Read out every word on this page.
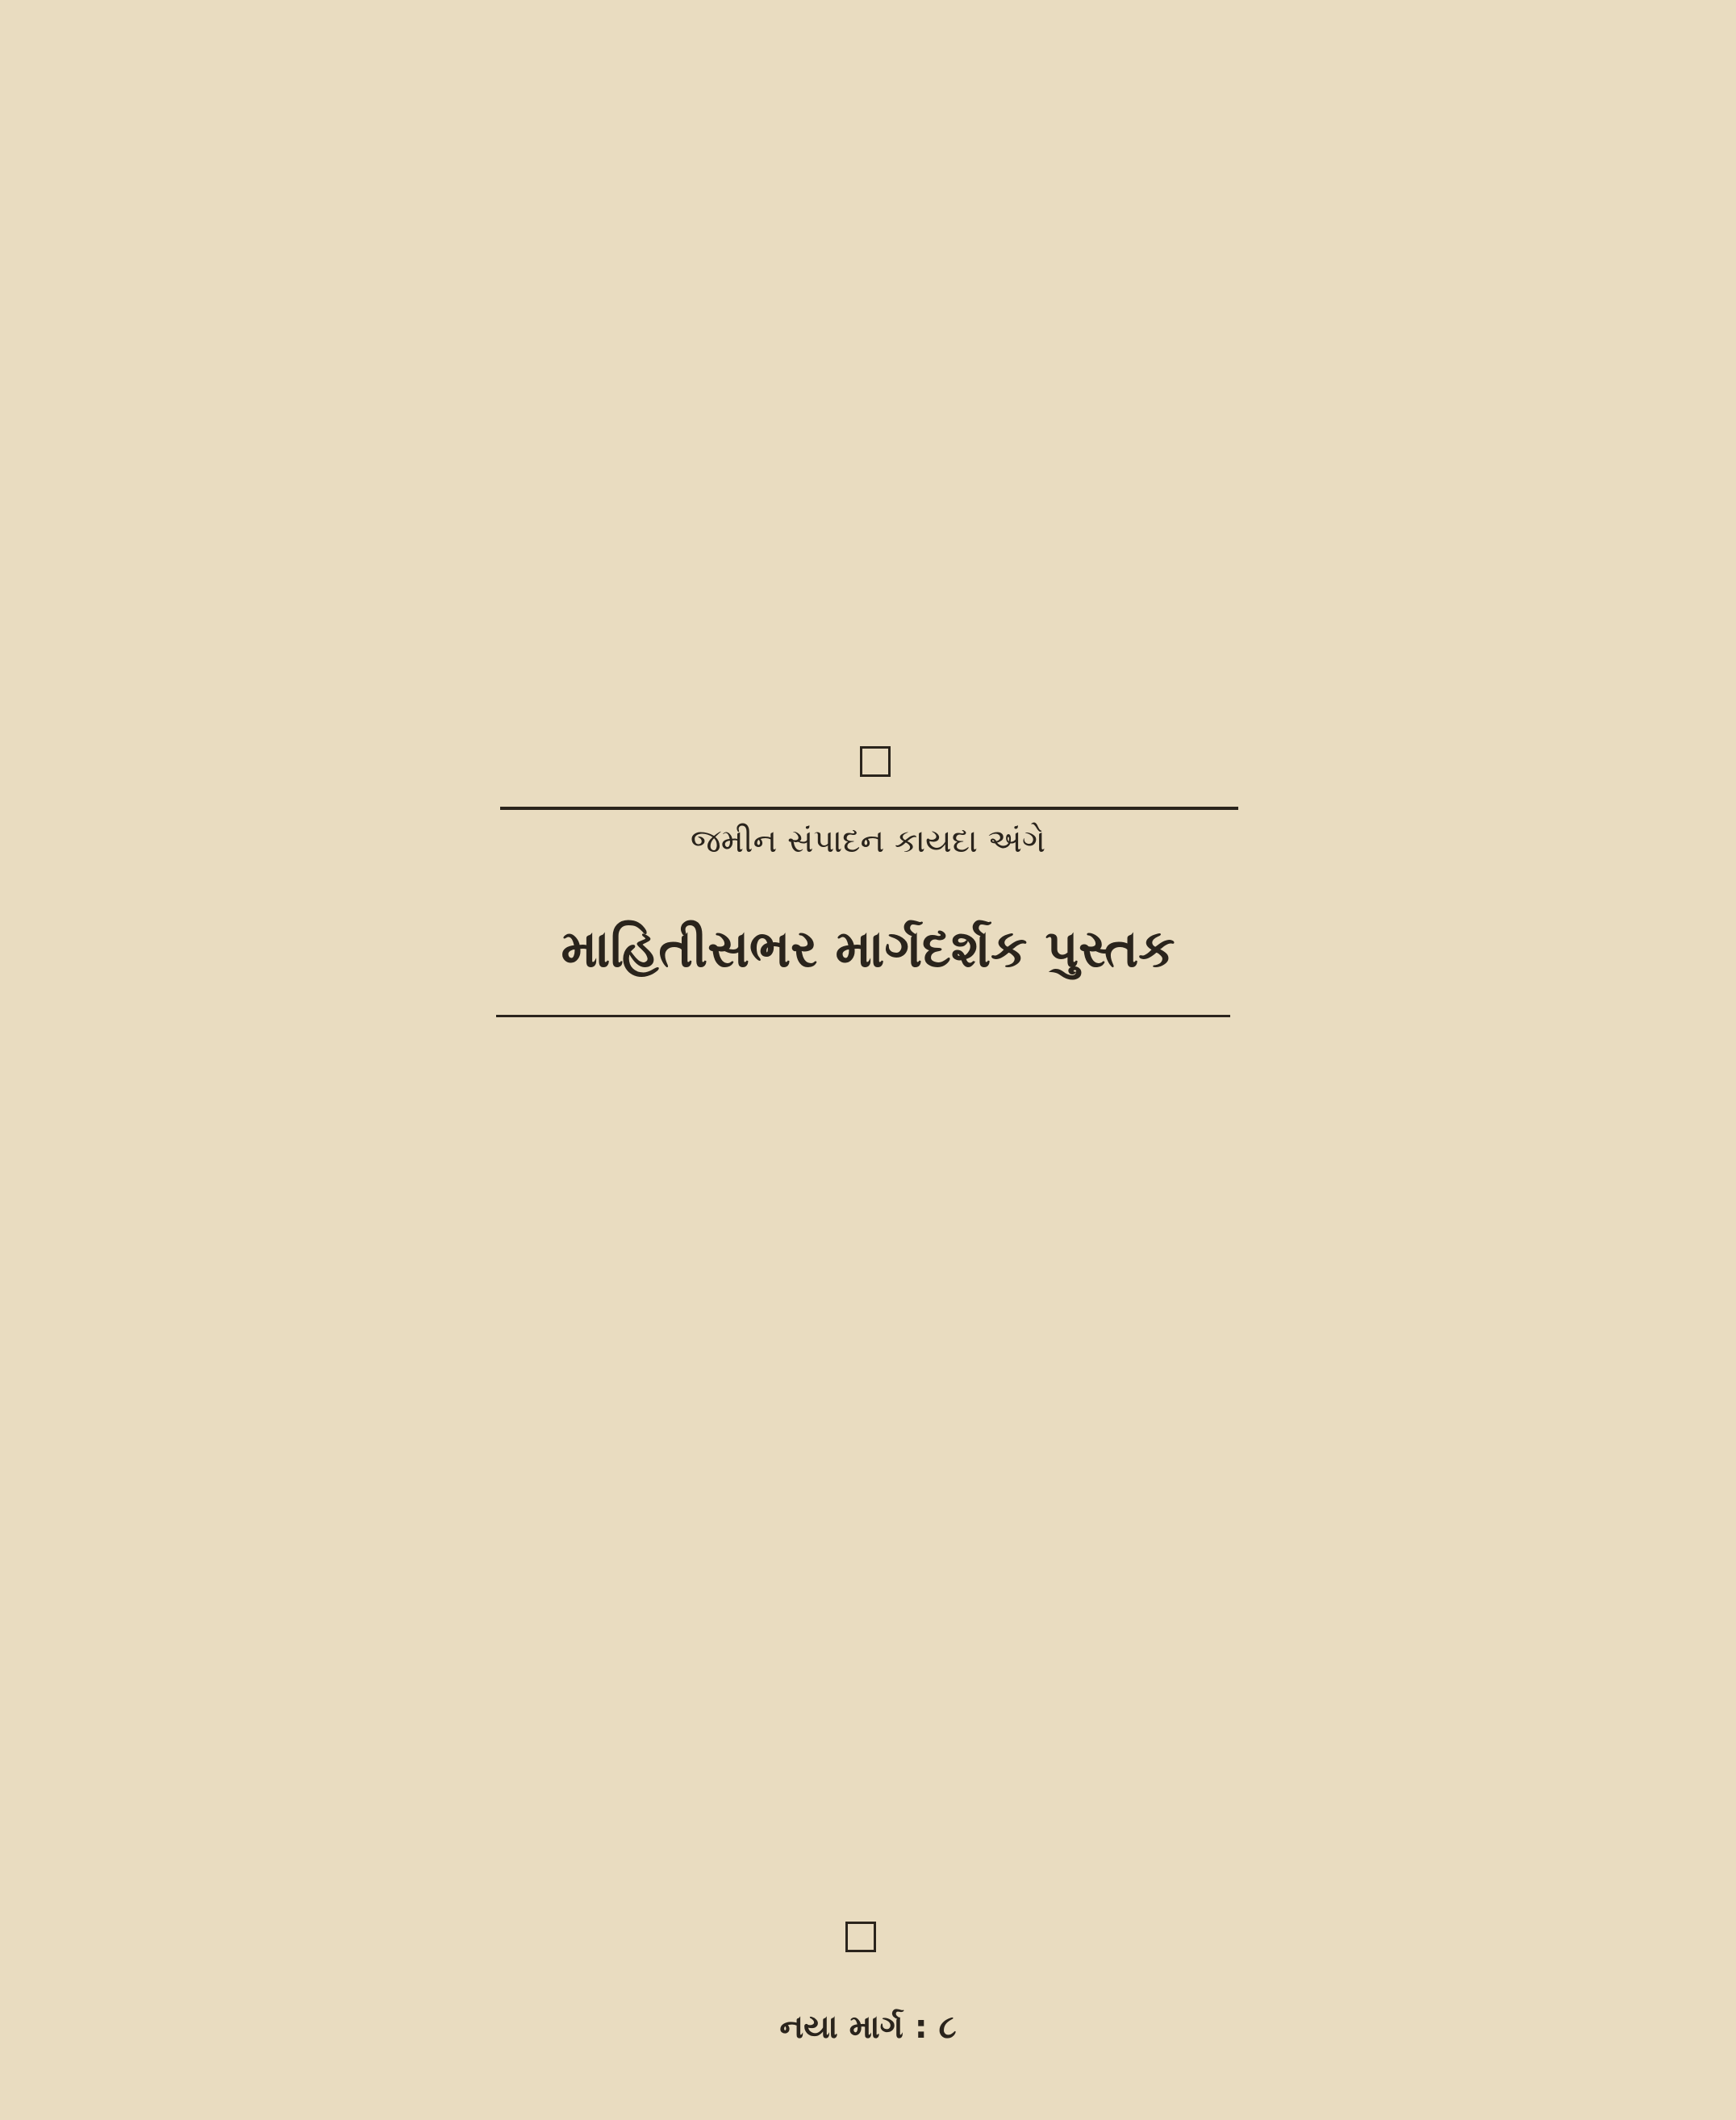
જમીન સંપાદન કાયદા અંગે
માહિતીસભર માર્ગદર્શક પુસ્તક
નયા માર્ગ : ૮
